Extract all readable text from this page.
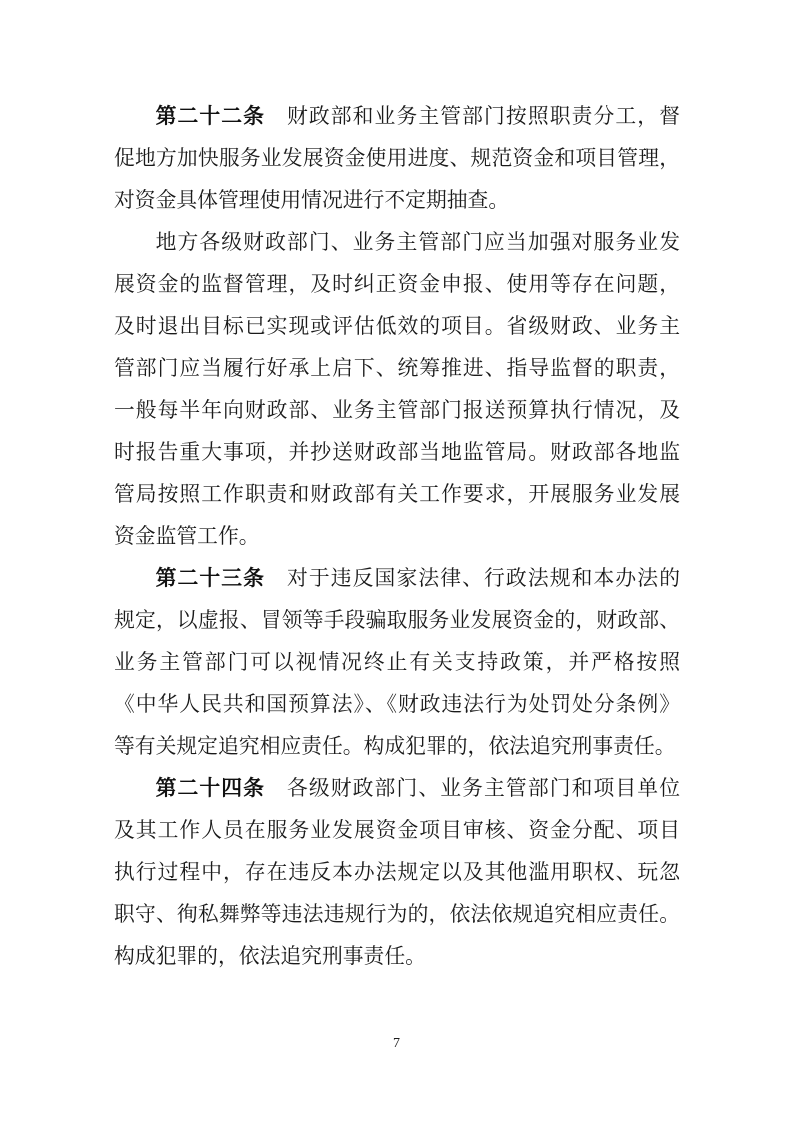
第二十二条　财政部和业务主管部门按照职责分工，督
促地方加快服务业发展资金使用进度、规范资金和项目管理，
对资金具体管理使用情况进行不定期抽查。
地方各级财政部门、业务主管部门应当加强对服务业发
展资金的监督管理，及时纠正资金申报、使用等存在问题，
及时退出目标已实现或评估低效的项目。省级财政、业务主
管部门应当履行好承上启下、统筹推进、指导监督的职责，
一般每半年向财政部、业务主管部门报送预算执行情况，及
时报告重大事项，并抄送财政部当地监管局。财政部各地监
管局按照工作职责和财政部有关工作要求，开展服务业发展
资金监管工作。
第二十三条　对于违反国家法律、行政法规和本办法的
规定，以虚报、冒领等手段骗取服务业发展资金的，财政部、
业务主管部门可以视情况终止有关支持政策，并严格按照
《中华人民共和国预算法》、《财政违法行为处罚处分条例》
等有关规定追究相应责任。构成犯罪的，依法追究刑事责任。
第二十四条　各级财政部门、业务主管部门和项目单位
及其工作人员在服务业发展资金项目审核、资金分配、项目
执行过程中，存在违反本办法规定以及其他滥用职权、玩忽
职守、徇私舞弊等违法违规行为的，依法依规追究相应责任。
构成犯罪的，依法追究刑事责任。
7
